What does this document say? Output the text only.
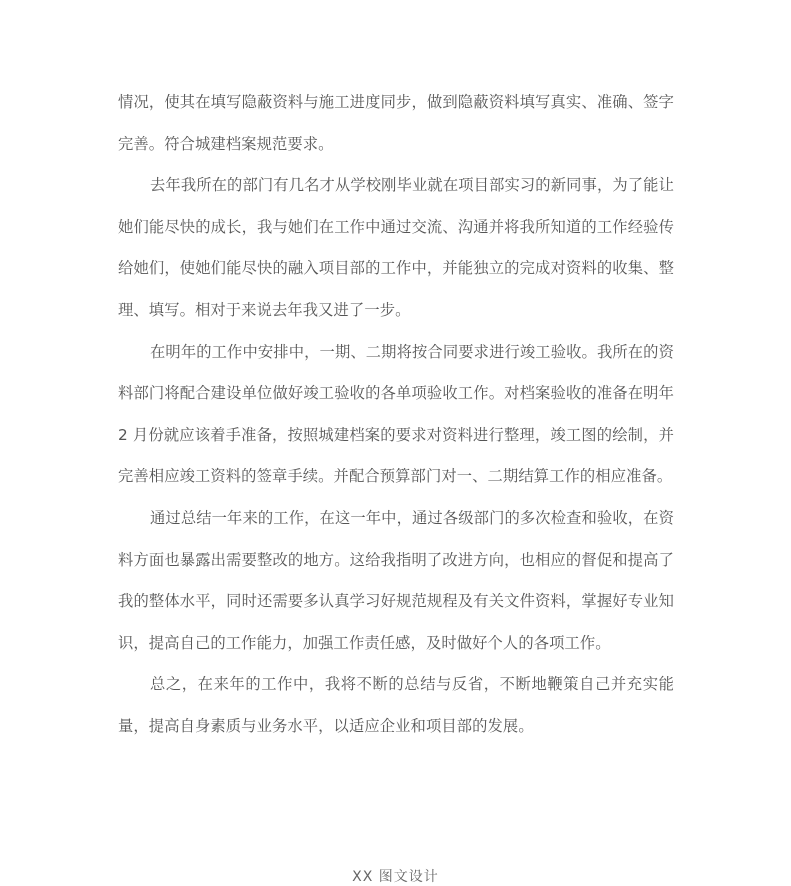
情况，使其在填写隐蔽资料与施工进度同步，做到隐蔽资料填写真实、准确、签字完善。符合城建档案规范要求。

去年我所在的部门有几名才从学校刚毕业就在项目部实习的新同事，为了能让她们能尽快的成长，我与她们在工作中通过交流、沟通并将我所知道的工作经验传给她们，使她们能尽快的融入项目部的工作中，并能独立的完成对资料的收集、整理、填写。相对于来说去年我又进了一步。

在明年的工作中安排中，一期、二期将按合同要求进行竣工验收。我所在的资料部门将配合建设单位做好竣工验收的各单项验收工作。对档案验收的准备在明年 2 月份就应该着手准备，按照城建档案的要求对资料进行整理，竣工图的绘制，并完善相应竣工资料的签章手续。并配合预算部门对一、二期结算工作的相应准备。

通过总结一年来的工作，在这一年中，通过各级部门的多次检查和验收，在资料方面也暴露出需要整改的地方。这给我指明了改进方向，也相应的督促和提高了我的整体水平，同时还需要多认真学习好规范规程及有关文件资料，掌握好专业知识，提高自己的工作能力，加强工作责任感，及时做好个人的各项工作。

总之，在来年的工作中，我将不断的总结与反省，不断地鞭策自己并充实能量，提高自身素质与业务水平，以适应企业和项目部的发展。

XX 图文设计
